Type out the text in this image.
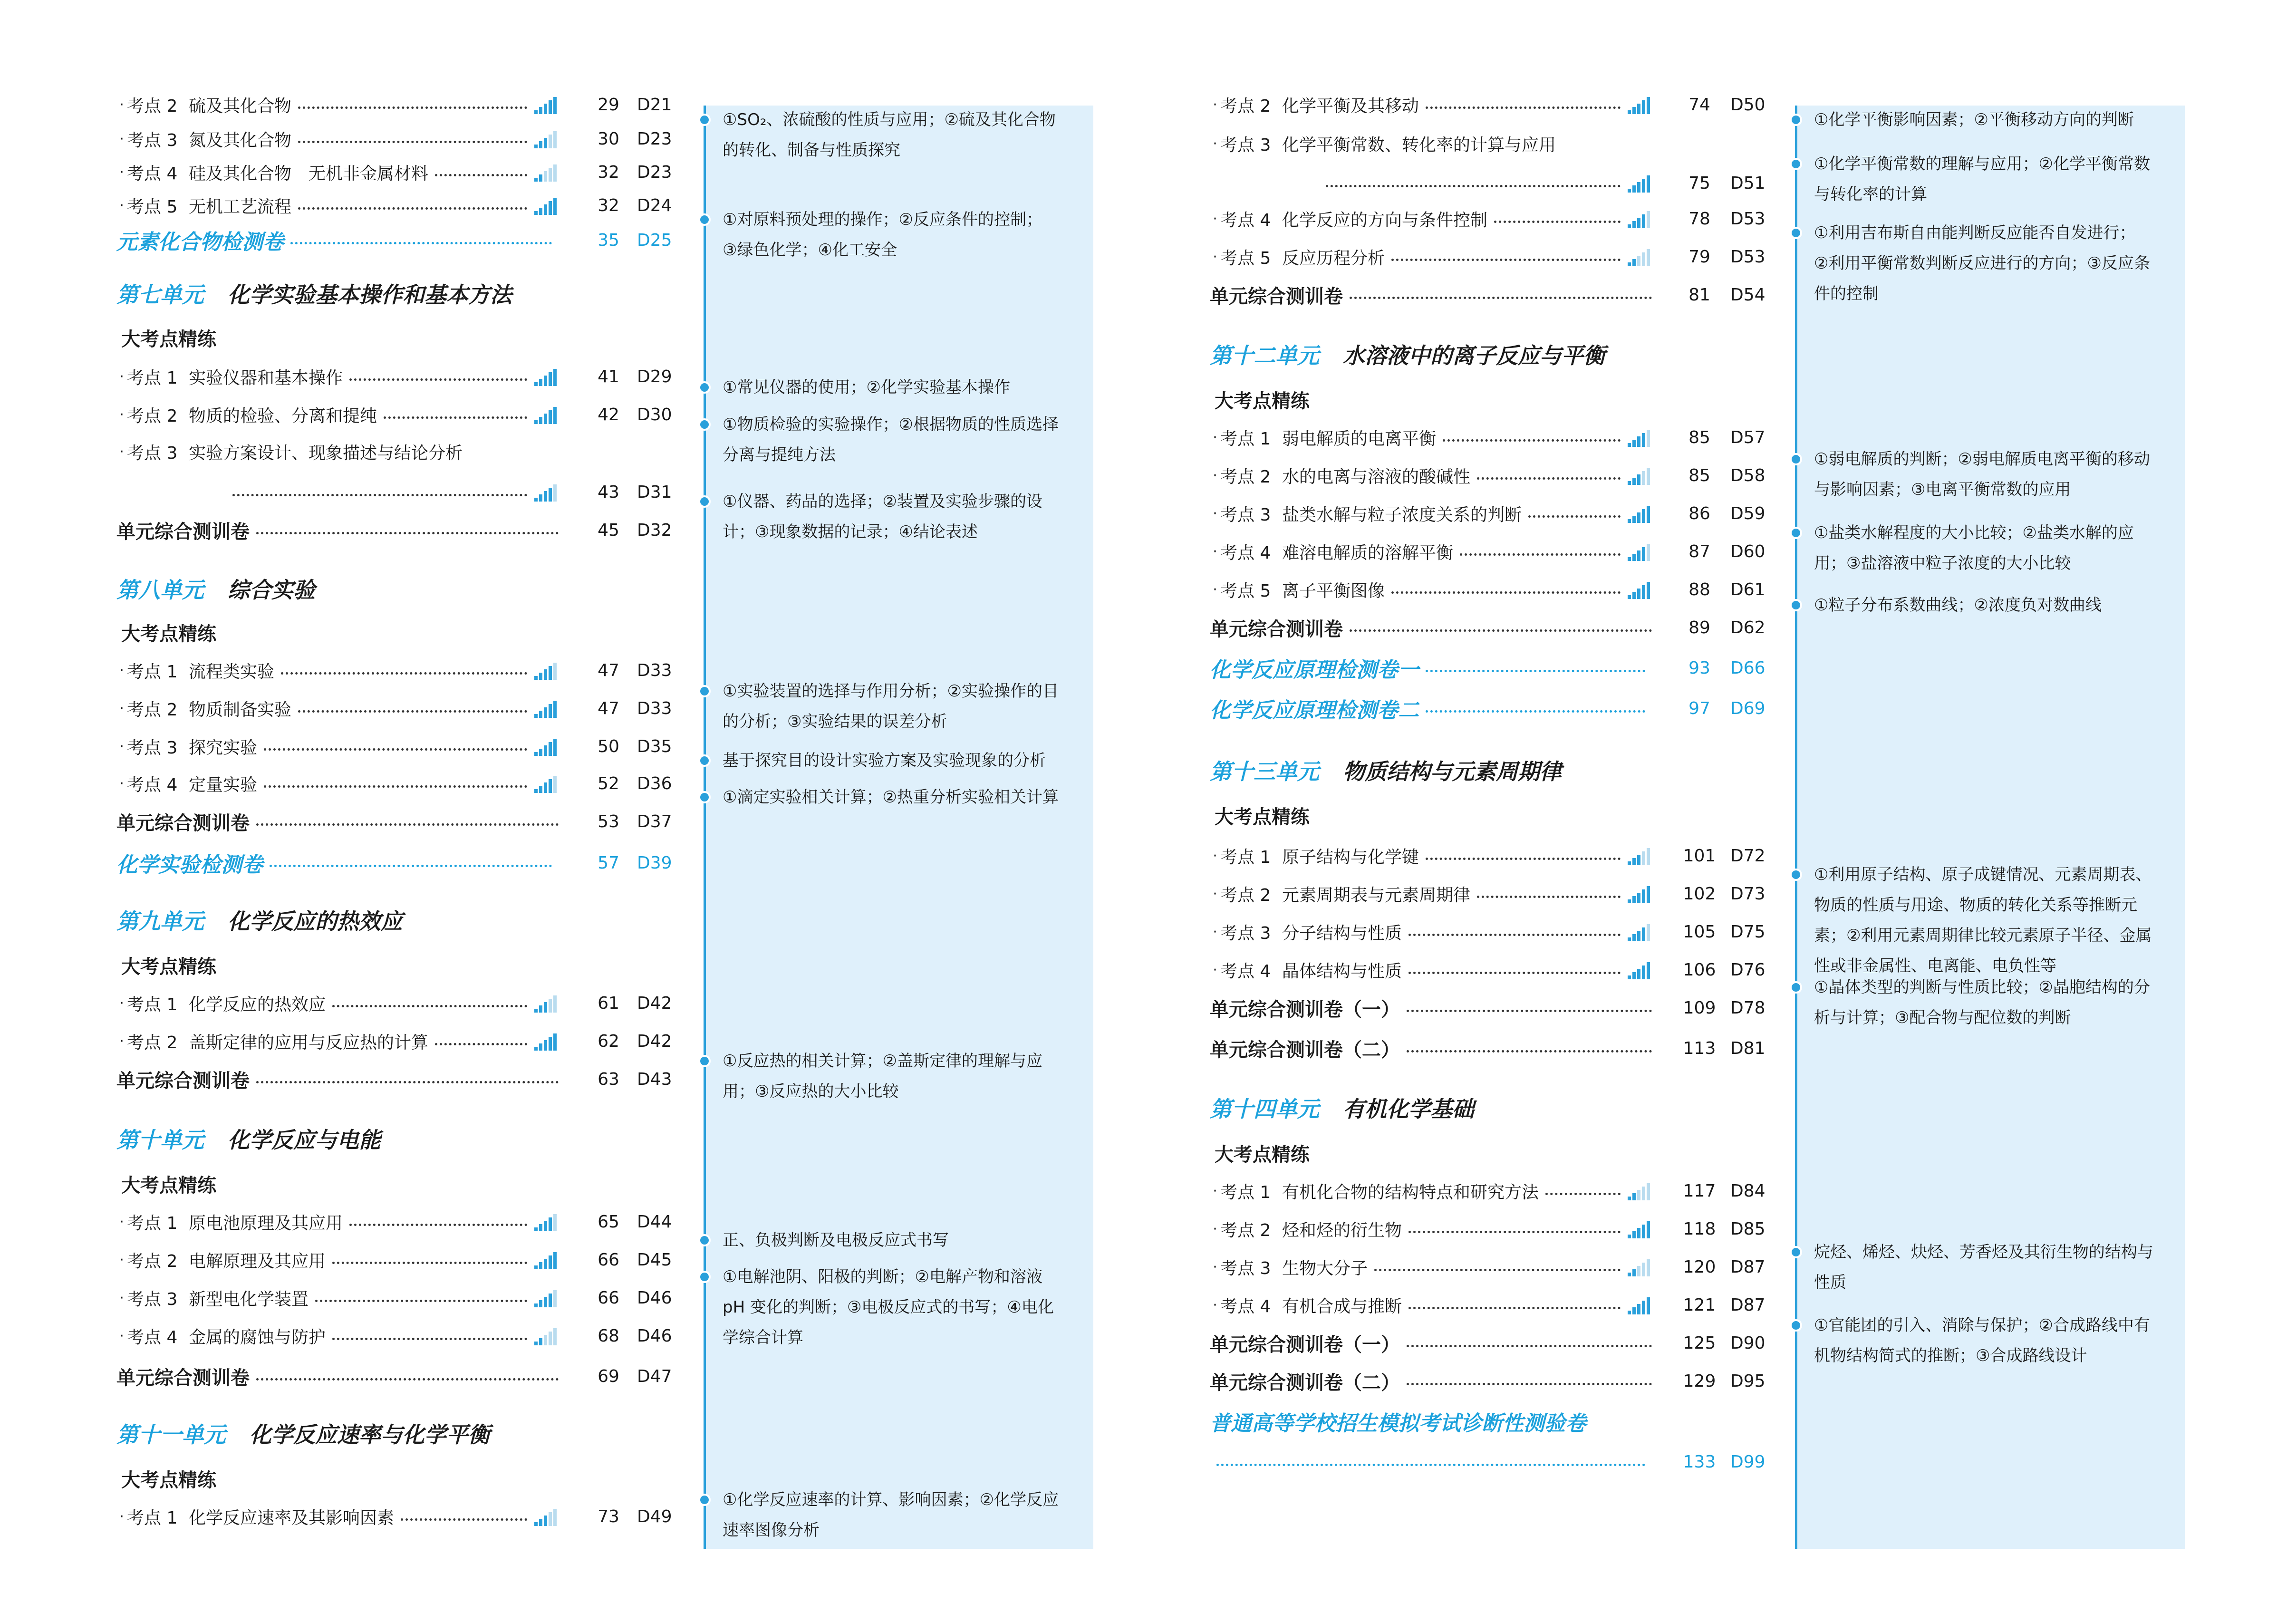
· 考点 2 硫及其化合物	29	D21
· 考点 3 氮及其化合物	30	D23
· 考点 4 硅及其化合物　无机非金属材料	32	D23
· 考点 5 无机工艺流程	32	D24
元素化合物检测卷	35	D25
第七单元 化学实验基本操作和基本方法
大考点精练
· 考点 1 实验仪器和基本操作	41	D29
· 考点 2 物质的检验、分离和提纯	42	D30
· 考点 3 实验方案设计、现象描述与结论分析
43	D31
单元综合测训卷	45	D32
第八单元 综合实验
大考点精练
· 考点 1 流程类实验	47	D33
· 考点 2 物质制备实验	47	D33
· 考点 3 探究实验	50	D35
· 考点 4 定量实验	52	D36
单元综合测训卷	53	D37
化学实验检测卷	57	D39
第九单元 化学反应的热效应
大考点精练
· 考点 1 化学反应的热效应	61	D42
· 考点 2 盖斯定律的应用与反应热的计算	62	D42
单元综合测训卷	63	D43
第十单元 化学反应与电能
大考点精练
· 考点 1 原电池原理及其应用	65	D44
· 考点 2 电解原理及其应用	66	D45
· 考点 3 新型电化学装置	66	D46
· 考点 4 金属的腐蚀与防护	68	D46
单元综合测训卷	69	D47
第十一单元 化学反应速率与化学平衡
大考点精练
· 考点 1 化学反应速率及其影响因素	73	D49
①SO₂、浓硫酸的性质与应用；②硫及其化合物
的转化、制备与性质探究
①对原料预处理的操作；②反应条件的控制；
③绿色化学；④化工安全
①常见仪器的使用；②化学实验基本操作
①物质检验的实验操作；②根据物质的性质选择
分离与提纯方法
①仪器、药品的选择；②装置及实验步骤的设
计；③现象数据的记录；④结论表述
①实验装置的选择与作用分析；②实验操作的目
的分析；③实验结果的误差分析
基于探究目的设计实验方案及实验现象的分析
①滴定实验相关计算；②热重分析实验相关计算
①反应热的相关计算；②盖斯定律的理解与应
用；③反应热的大小比较
正、负极判断及电极反应式书写
①电解池阴、阳极的判断；②电解产物和溶液
pH 变化的判断；③电极反应式的书写；④电化
学综合计算
①化学反应速率的计算、影响因素；②化学反应
速率图像分析
· 考点 2 化学平衡及其移动	74	D50
· 考点 3 化学平衡常数、转化率的计算与应用
75	D51
· 考点 4 化学反应的方向与条件控制	78	D53
· 考点 5 反应历程分析	79	D53
单元综合测训卷	81	D54
第十二单元 水溶液中的离子反应与平衡
大考点精练
· 考点 1 弱电解质的电离平衡	85	D57
· 考点 2 水的电离与溶液的酸碱性	85	D58
· 考点 3 盐类水解与粒子浓度关系的判断	86	D59
· 考点 4 难溶电解质的溶解平衡	87	D60
· 考点 5 离子平衡图像	88	D61
单元综合测训卷	89	D62
化学反应原理检测卷一	93	D66
化学反应原理检测卷二	97	D69
第十三单元 物质结构与元素周期律
大考点精练
· 考点 1 原子结构与化学键	101 D72
· 考点 2 元素周期表与元素周期律	102 D73
· 考点 3 分子结构与性质	105 D75
· 考点 4 晶体结构与性质	106 D76
单元综合测训卷（一）	109 D78
单元综合测训卷（二）	113 D81
第十四单元 有机化学基础
大考点精练
· 考点 1 有机化合物的结构特点和研究方法	117 D84
· 考点 2 烃和烃的衍生物	118 D85
· 考点 3 生物大分子	120 D87
· 考点 4 有机合成与推断	121 D87
单元综合测训卷（一）	125 D90
单元综合测训卷（二）	129 D95
普通高等学校招生模拟考试诊断性测验卷
133 D99
①化学平衡影响因素；②平衡移动方向的判断
①化学平衡常数的理解与应用；②化学平衡常数
与转化率的计算
①利用吉布斯自由能判断反应能否自发进行；
②利用平衡常数判断反应进行的方向；③反应条
件的控制
①弱电解质的判断；②弱电解质电离平衡的移动
与影响因素；③电离平衡常数的应用
①盐类水解程度的大小比较；②盐类水解的应
用；③盐溶液中粒子浓度的大小比较
①粒子分布系数曲线；②浓度负对数曲线
①利用原子结构、原子成键情况、元素周期表、
物质的性质与用途、物质的转化关系等推断元
素；②利用元素周期律比较元素原子半径、金属
性或非金属性、电离能、电负性等
①晶体类型的判断与性质比较；②晶胞结构的分
析与计算；③配合物与配位数的判断
烷烃、烯烃、炔烃、芳香烃及其衍生物的结构与
性质
①官能团的引入、消除与保护；②合成路线中有
机物结构简式的推断；③合成路线设计
